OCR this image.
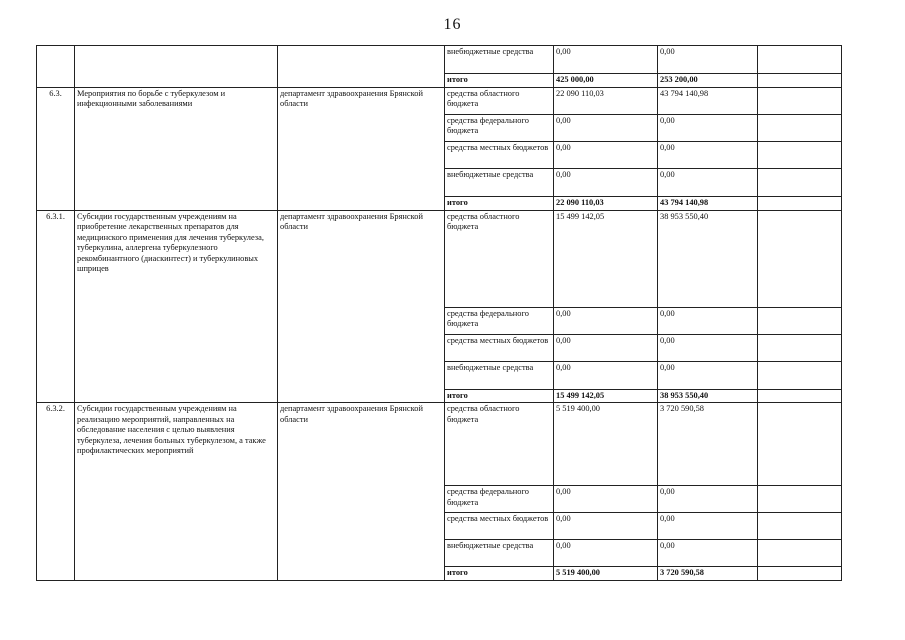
16
			внебюджетные средства	0,00	0,00	
			итого	425 000,00	253 200,00	
6.3.	Мероприятия по борьбе с туберкулезом и инфекционными заболеваниями	департамент здравоохранения Брянской области	средства областного бюджета	22 090 110,03	43 794 140,98	
			средства федерального бюджета	0,00	0,00	
			средства местных бюджетов	0,00	0,00	
			внебюджетные средства	0,00	0,00	
			итого	22 090 110,03	43 794 140,98	
6.3.1.	Субсидии государственным учреждениям на приобретение лекарственных препаратов для медицинского применения для лечения туберкулеза, туберкулина, аллергена туберкулезного рекомбинантного (диаскинтест) и туберкулиновых шприцев	департамент здравоохранения Брянской области	средства областного бюджета	15 499 142,05	38 953 550,40	
			средства федерального бюджета	0,00	0,00	
			средства местных бюджетов	0,00	0,00	
			внебюджетные средства	0,00	0,00	
			итого	15 499 142,05	38 953 550,40	
6.3.2.	Субсидии государственным учреждениям на реализацию мероприятий, направленных на обследование населения с целью выявления туберкулеза, лечения больных туберкулезом, а также профилактических мероприятий	департамент здравоохранения Брянской области	средства областного бюджета	5 519 400,00	3 720 590,58	
			средства федерального бюджета	0,00	0,00	
			средства местных бюджетов	0,00	0,00	
			внебюджетные средства	0,00	0,00	
			итого	5 519 400,00	3 720 590,58	
